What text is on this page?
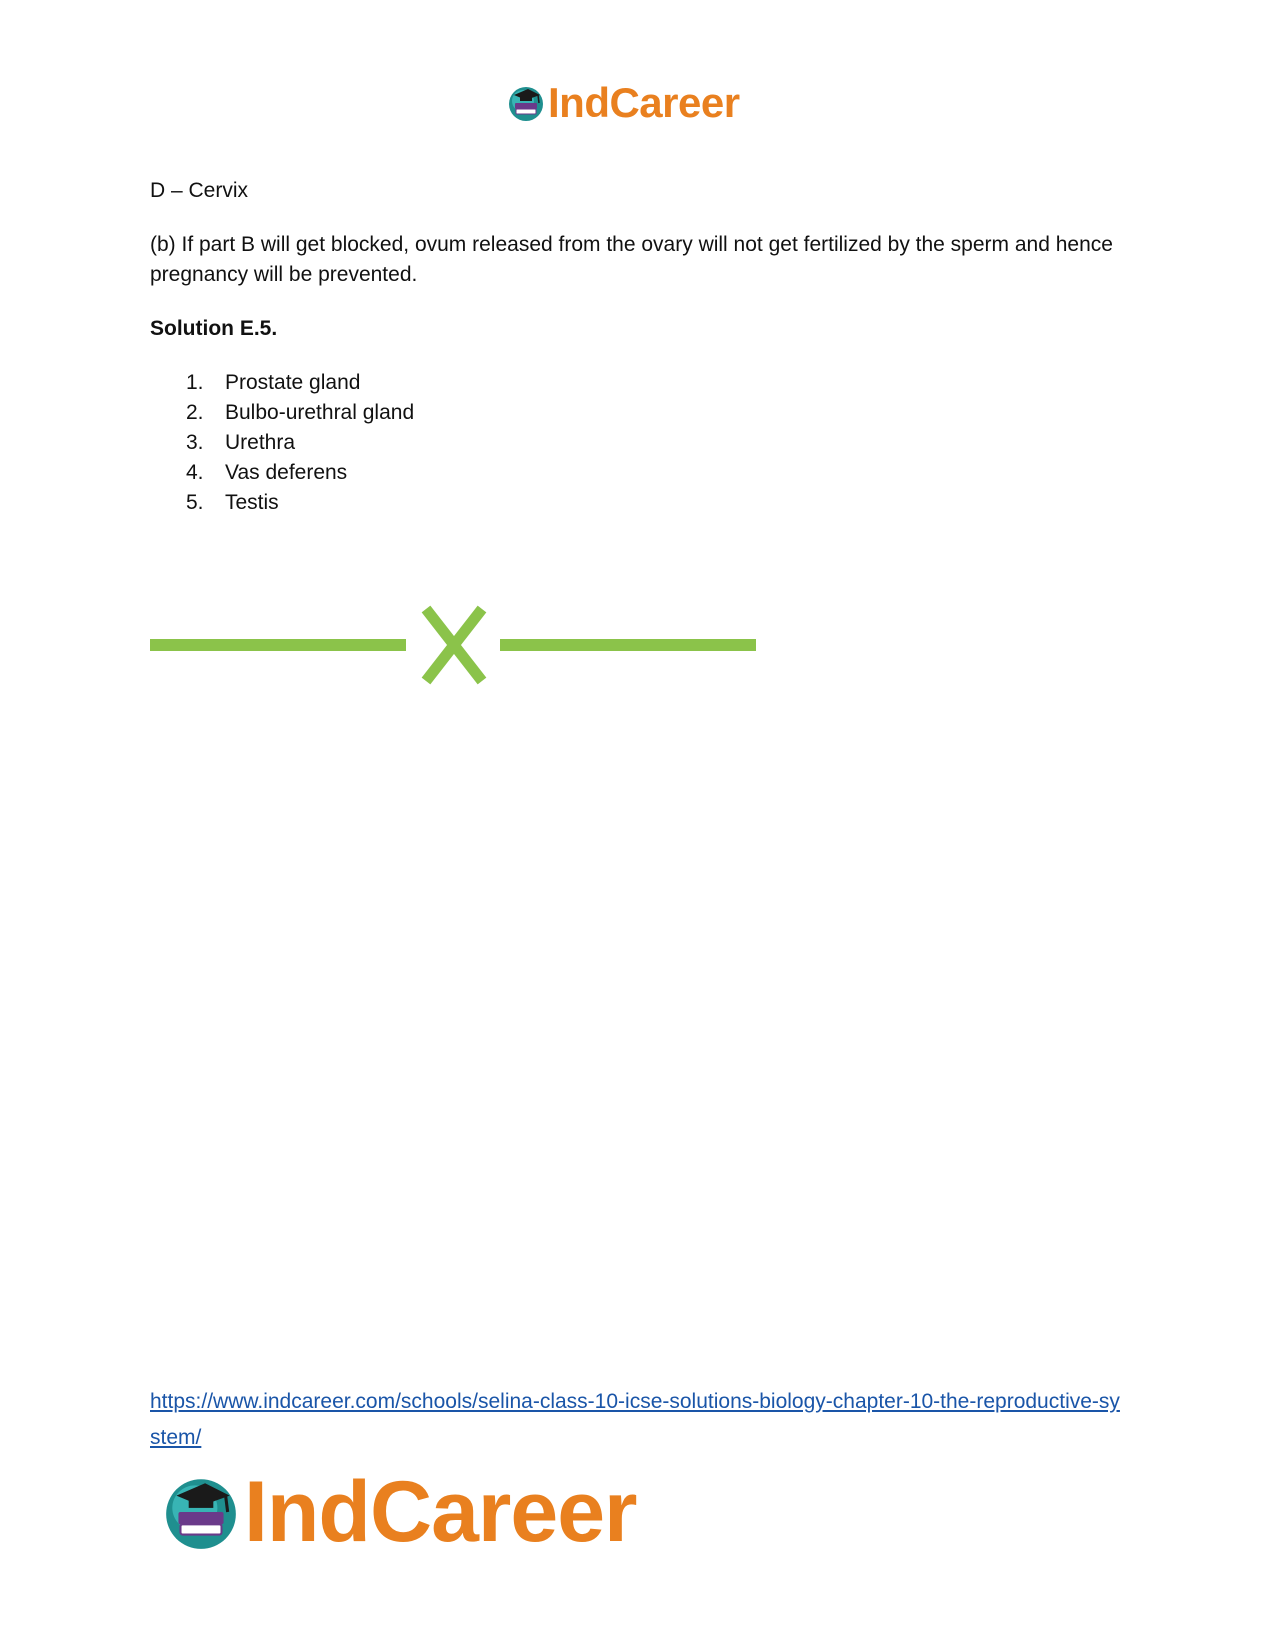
IndCareer

D – Cervix

(b) If part B will get blocked, ovum released from the ovary will not get fertilized by the sperm and hence pregnancy will be prevented.

Solution E.5.

1.	Prostate gland
2.	Bulbo-urethral gland
3.	Urethra
4.	Vas deferens
5.	Testis
https://www.indcareer.com/schools/selina-class-10-icse-solutions-biology-chapter-10-the-reproductive-system/
IndCareer
